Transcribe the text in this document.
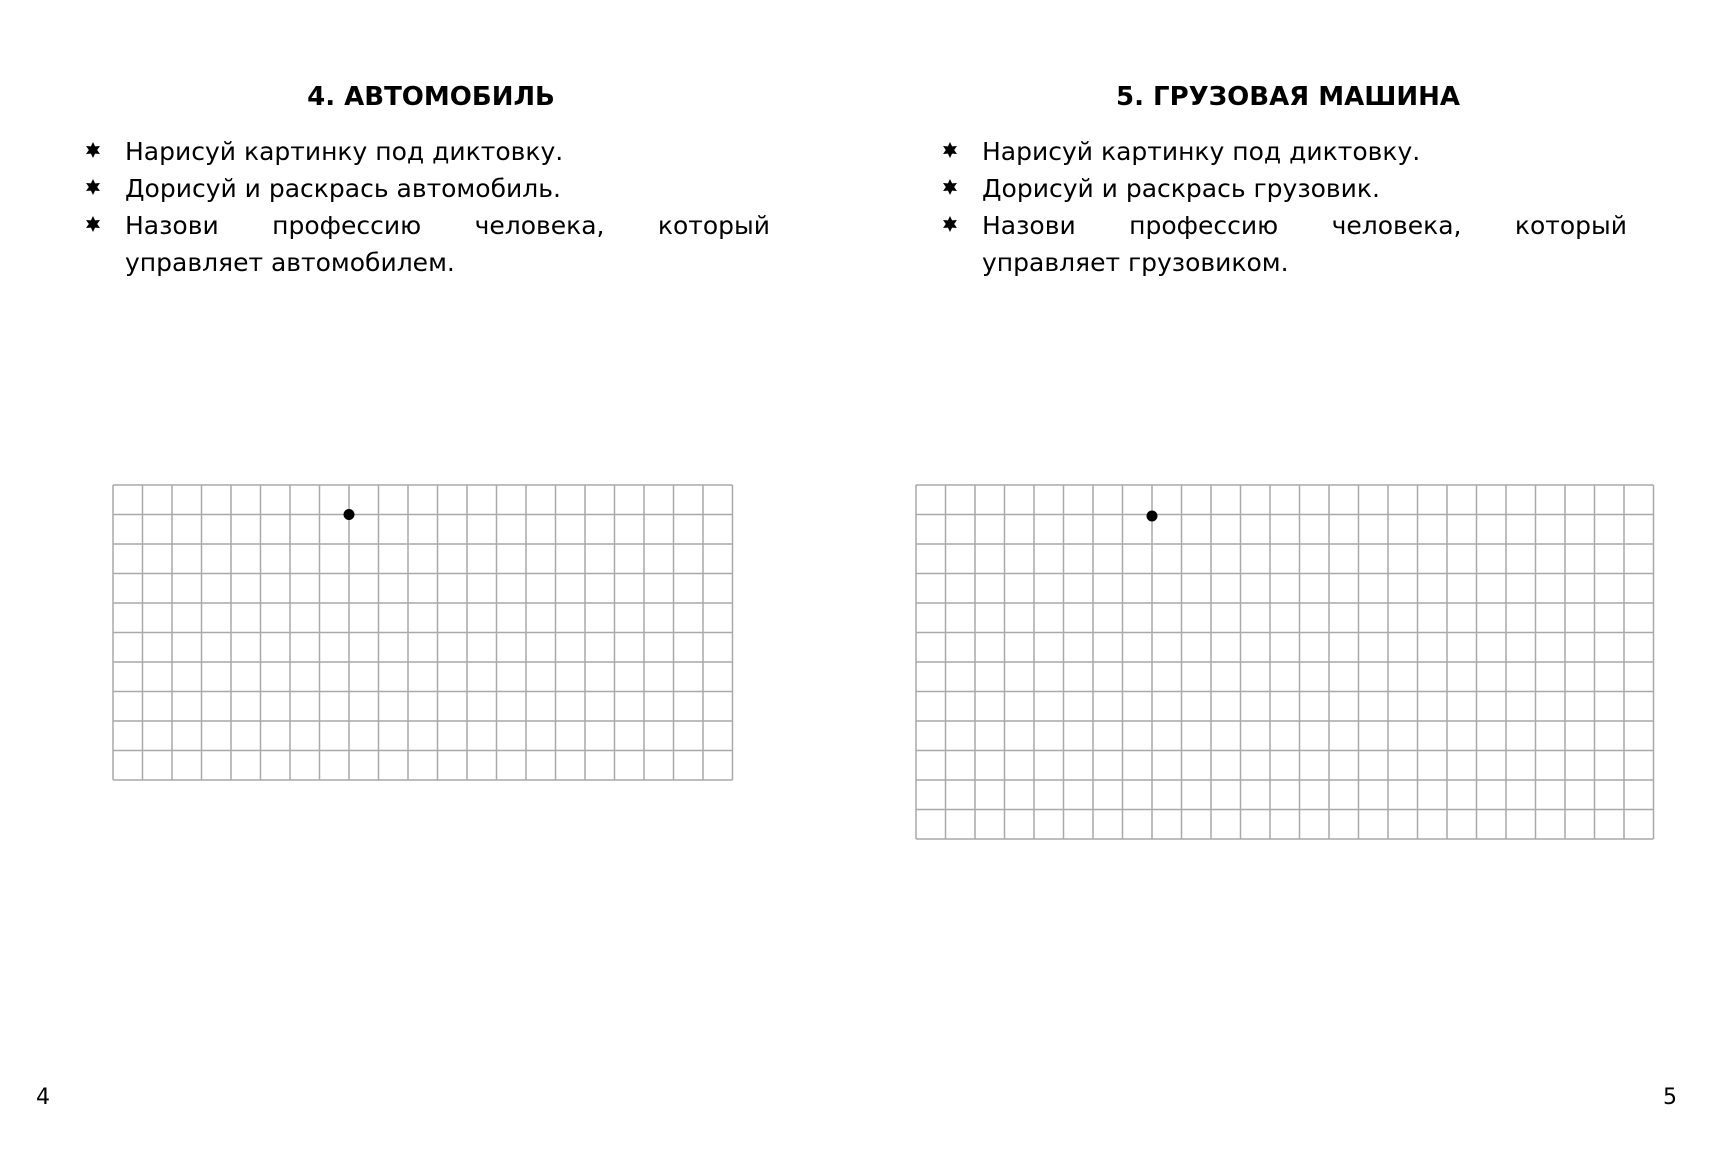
4. АВТОМОБИЛЬ
Нарисуй картинку под диктовку.
Дорисуй и раскрась автомобиль.
Назови профессию человека, который управляет автомобилем.
4
5. ГРУЗОВАЯ МАШИНА
Нарисуй картинку под диктовку.
Дорисуй и раскрась грузовик.
Назови профессию человека, который управляет грузовиком.
5
